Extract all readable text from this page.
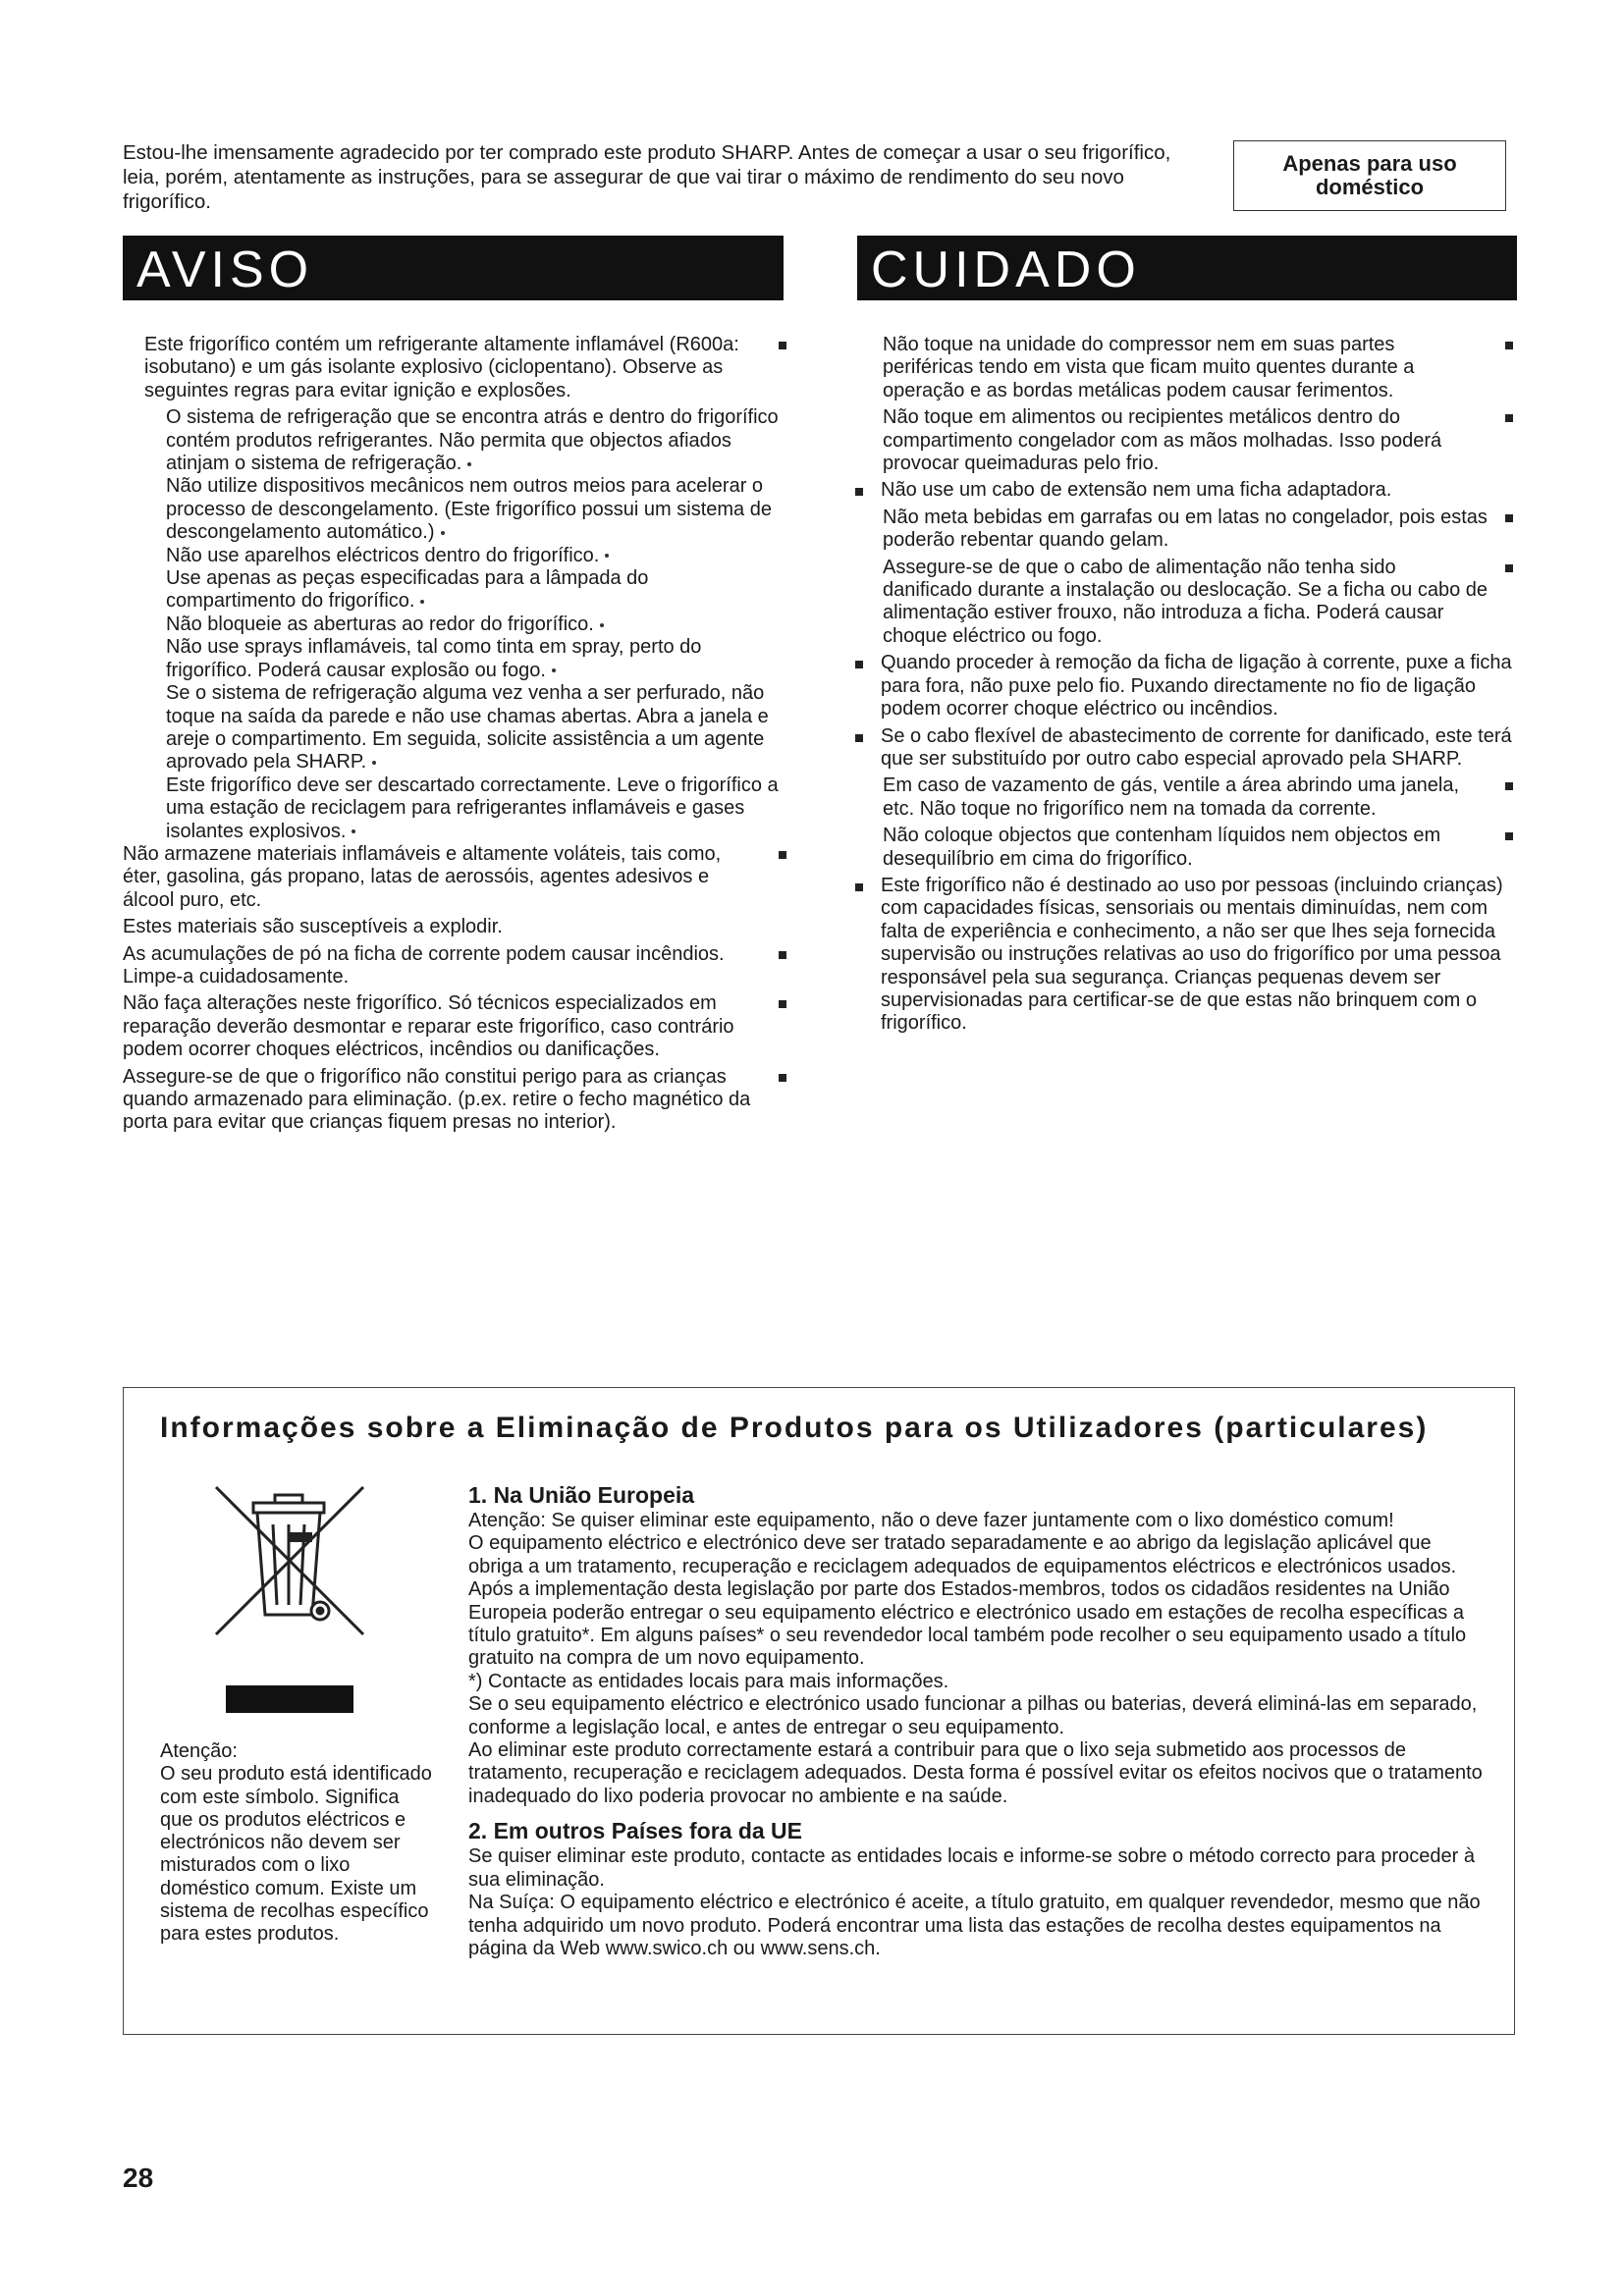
Estou-lhe imensamente agradecido por ter comprado este produto SHARP. Antes de começar a usar o seu frigorífico, leia, porém, atentamente as instruções, para se assegurar de que vai tirar o máximo de rendimento do seu novo frigorífico.
Apenas para uso
doméstico
AVISO

Este frigorífico contém um refrigerante altamente inflamável (R600a: isobutano) e um gás isolante explosivo (ciclopentano). Observe as seguintes regras para evitar ignição e explosões.

O sistema de refrigeração que se encontra atrás e dentro do frigorífico contém produtos refrigerantes. Não permita que objectos afiados atinjam o sistema de refrigeração.

Não utilize dispositivos mecânicos nem outros meios para acelerar o processo de descongelamento. (Este frigorífico possui um sistema de descongelamento automático.)

Não use aparelhos eléctricos dentro do frigorífico.

Use apenas as peças especificadas para a lâmpada do compartimento do frigorífico.

Não bloqueie as aberturas ao redor do frigorífico.

Não use sprays inflamáveis, tal como tinta em spray, perto do frigorífico. Poderá causar explosão ou fogo.

Se o sistema de refrigeração alguma vez venha a ser perfurado, não toque na saída da parede e não use chamas abertas. Abra a janela e areje o compartimento. Em seguida, solicite assistência a um agente aprovado pela SHARP.

Este frigorífico deve ser descartado correctamente. Leve o frigorífico a uma estação de reciclagem para refrigerantes inflamáveis e gases isolantes explosivos.

Não armazene materiais inflamáveis e altamente voláteis, tais como, éter, gasolina, gás propano, latas de aerossóis, agentes adesivos e álcool puro, etc.

Estes materiais são susceptíveis a explodir.

As acumulações de pó na ficha de corrente podem causar incêndios. Limpe-a cuidadosamente.

Não faça alterações neste frigorífico. Só técnicos especializados em reparação deverão desmontar e reparar este frigorífico, caso contrário podem ocorrer choques eléctricos, incêndios ou danificações.

Assegure-se de que o frigorífico não constitui perigo para as crianças quando armazenado para eliminação. (p.ex. retire o fecho magnético da porta para evitar que crianças fiquem presas no interior).

CUIDADO

Não toque na unidade do compressor nem em suas partes periféricas tendo em vista que ficam muito quentes durante a operação e as bordas metálicas podem causar ferimentos.

Não toque em alimentos ou recipientes metálicos dentro do compartimento congelador com as mãos molhadas. Isso poderá provocar queimaduras pelo frio.

Não use um cabo de extensão nem uma ficha adaptadora.

Não meta bebidas em garrafas ou em latas no congelador, pois estas poderão rebentar quando gelam.

Assegure-se de que o cabo de alimentação não tenha sido danificado durante a instalação ou deslocação. Se a ficha ou cabo de alimentação estiver frouxo, não introduza a ficha. Poderá causar choque eléctrico ou fogo.

Quando proceder à remoção da ficha de ligação à corrente, puxe a ficha para fora, não puxe pelo fio. Puxando directamente no fio de ligação podem ocorrer choque eléctrico ou incêndios.

Se o cabo flexível de abastecimento de corrente for danificado, este terá que ser substituído por outro cabo especial aprovado pela SHARP.

Em caso de vazamento de gás, ventile a área abrindo uma janela, etc. Não toque no frigorífico nem na tomada da corrente.

Não coloque objectos que contenham líquidos nem objectos em desequilíbrio em cima do frigorífico.

Este frigorífico não é destinado ao uso por pessoas (incluindo crianças) com capacidades físicas, sensoriais ou mentais diminuídas, nem com falta de experiência e conhecimento, a não ser que lhes seja fornecida supervisão ou instruções relativas ao uso do frigorífico por uma pessoa responsável pela sua segurança. Crianças pequenas devem ser supervisionadas para certificar-se de que estas não brinquem com o frigorífico.

Informações sobre a Eliminação de Produtos para os Utilizadores (particulares)
Atenção:
O seu produto está identificado com este símbolo. Significa que os produtos eléctricos e electrónicos não devem ser misturados com o lixo doméstico comum. Existe um sistema de recolhas específico para estes produtos.
1. Na União Europeia

Atenção: Se quiser eliminar este equipamento, não o deve fazer juntamente com o lixo doméstico comum!

O equipamento eléctrico e electrónico deve ser tratado separadamente e ao abrigo da legislação aplicável que obriga a um tratamento, recuperação e reciclagem adequados de equipamentos eléctricos e electrónicos usados.

Após a implementação desta legislação por parte dos Estados-membros, todos os cidadãos residentes na União Europeia poderão entregar o seu equipamento eléctrico e electrónico usado em estações de recolha específicas a título gratuito*. Em alguns países* o seu revendedor local também pode recolher o seu equipamento usado a título gratuito na compra de um novo equipamento.

*) Contacte as entidades locais para mais informações.

Se o seu equipamento eléctrico e electrónico usado funcionar a pilhas ou baterias, deverá eliminá-las em separado, conforme a legislação local, e antes de entregar o seu equipamento.

Ao eliminar este produto correctamente estará a contribuir para que o lixo seja submetido aos processos de tratamento, recuperação e reciclagem adequados. Desta forma é possível evitar os efeitos nocivos que o tratamento inadequado do lixo poderia provocar no ambiente e na saúde.

2. Em outros Países fora da UE

Se quiser eliminar este produto, contacte as entidades locais e informe-se sobre o método correcto para proceder à sua eliminação.

Na Suíça: O equipamento eléctrico e electrónico é aceite, a título gratuito, em qualquer revendedor, mesmo que não tenha adquirido um novo produto. Poderá encontrar uma lista das estações de recolha destes equipamentos na página da Web www.swico.ch ou www.sens.ch.

28
